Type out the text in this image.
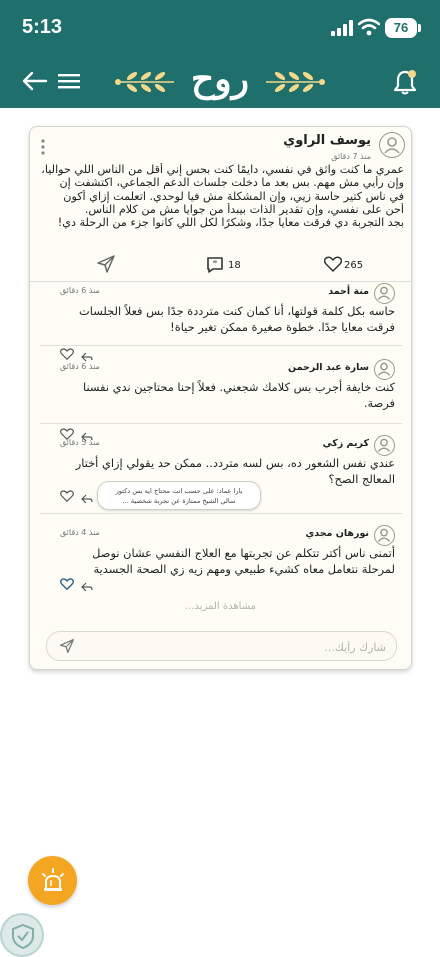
5:13	76
روح
يوسف الراوي
منذ 7 دقائق
عمري ما كنت واثق في نفسي، دايمًا كنت بحس إني أقل من الناس اللي حواليا،
وإن رأيي مش مهم. بس بعد ما دخلت جلسات الدعم الجماعي، اكتشفت إن
في ناس كتير حاسة زيي، وإن المشكلة مش فيا لوحدي. اتعلمت إزاي أكون
أحن على نفسي، وإن تقدير الذات بيبدأ من جوايا مش من كلام الناس.
بجد التجربة دي فرقت معايا جدًا، وشكرًا لكل اللي كانوا جزء من الرحلة دي!
" 18	265
منة أحمد
منذ 6 دقائق
حاسه بكل كلمة قولتها، أنا كمان كنت مترددة جدًا بس فعلاً الجلسات
فرقت معايا جدًا. خطوة صغيرة ممكن تغير حياة!
سارة عبد الرحمن
منذ 6 دقائق
كنت خايفة أجرب بس كلامك شجعني. فعلاً إحنا محتاجين ندي نفسنا
فرصة.
كريم زكي
منذ 5 دقائق
عندي نفس الشعور ده، بس لسه متردد.. ممكن حد يقولي إزاي أختار
المعالج الصح؟
يارا عماد: على حسب انت محتاج ايه بس دكتور
سالي الشيخ ممتازة عن تجربة شخصية ...
نورهان مجدي
منذ 4 دقائق
أتمنى ناس أكتر تتكلم عن تجربتها مع العلاج النفسي عشان نوصل
لمرحلة نتعامل معاه كشيء طبيعي ومهم زيه زي الصحة الجسدية
مشاهدة المزيد...
شارك رأيك...
